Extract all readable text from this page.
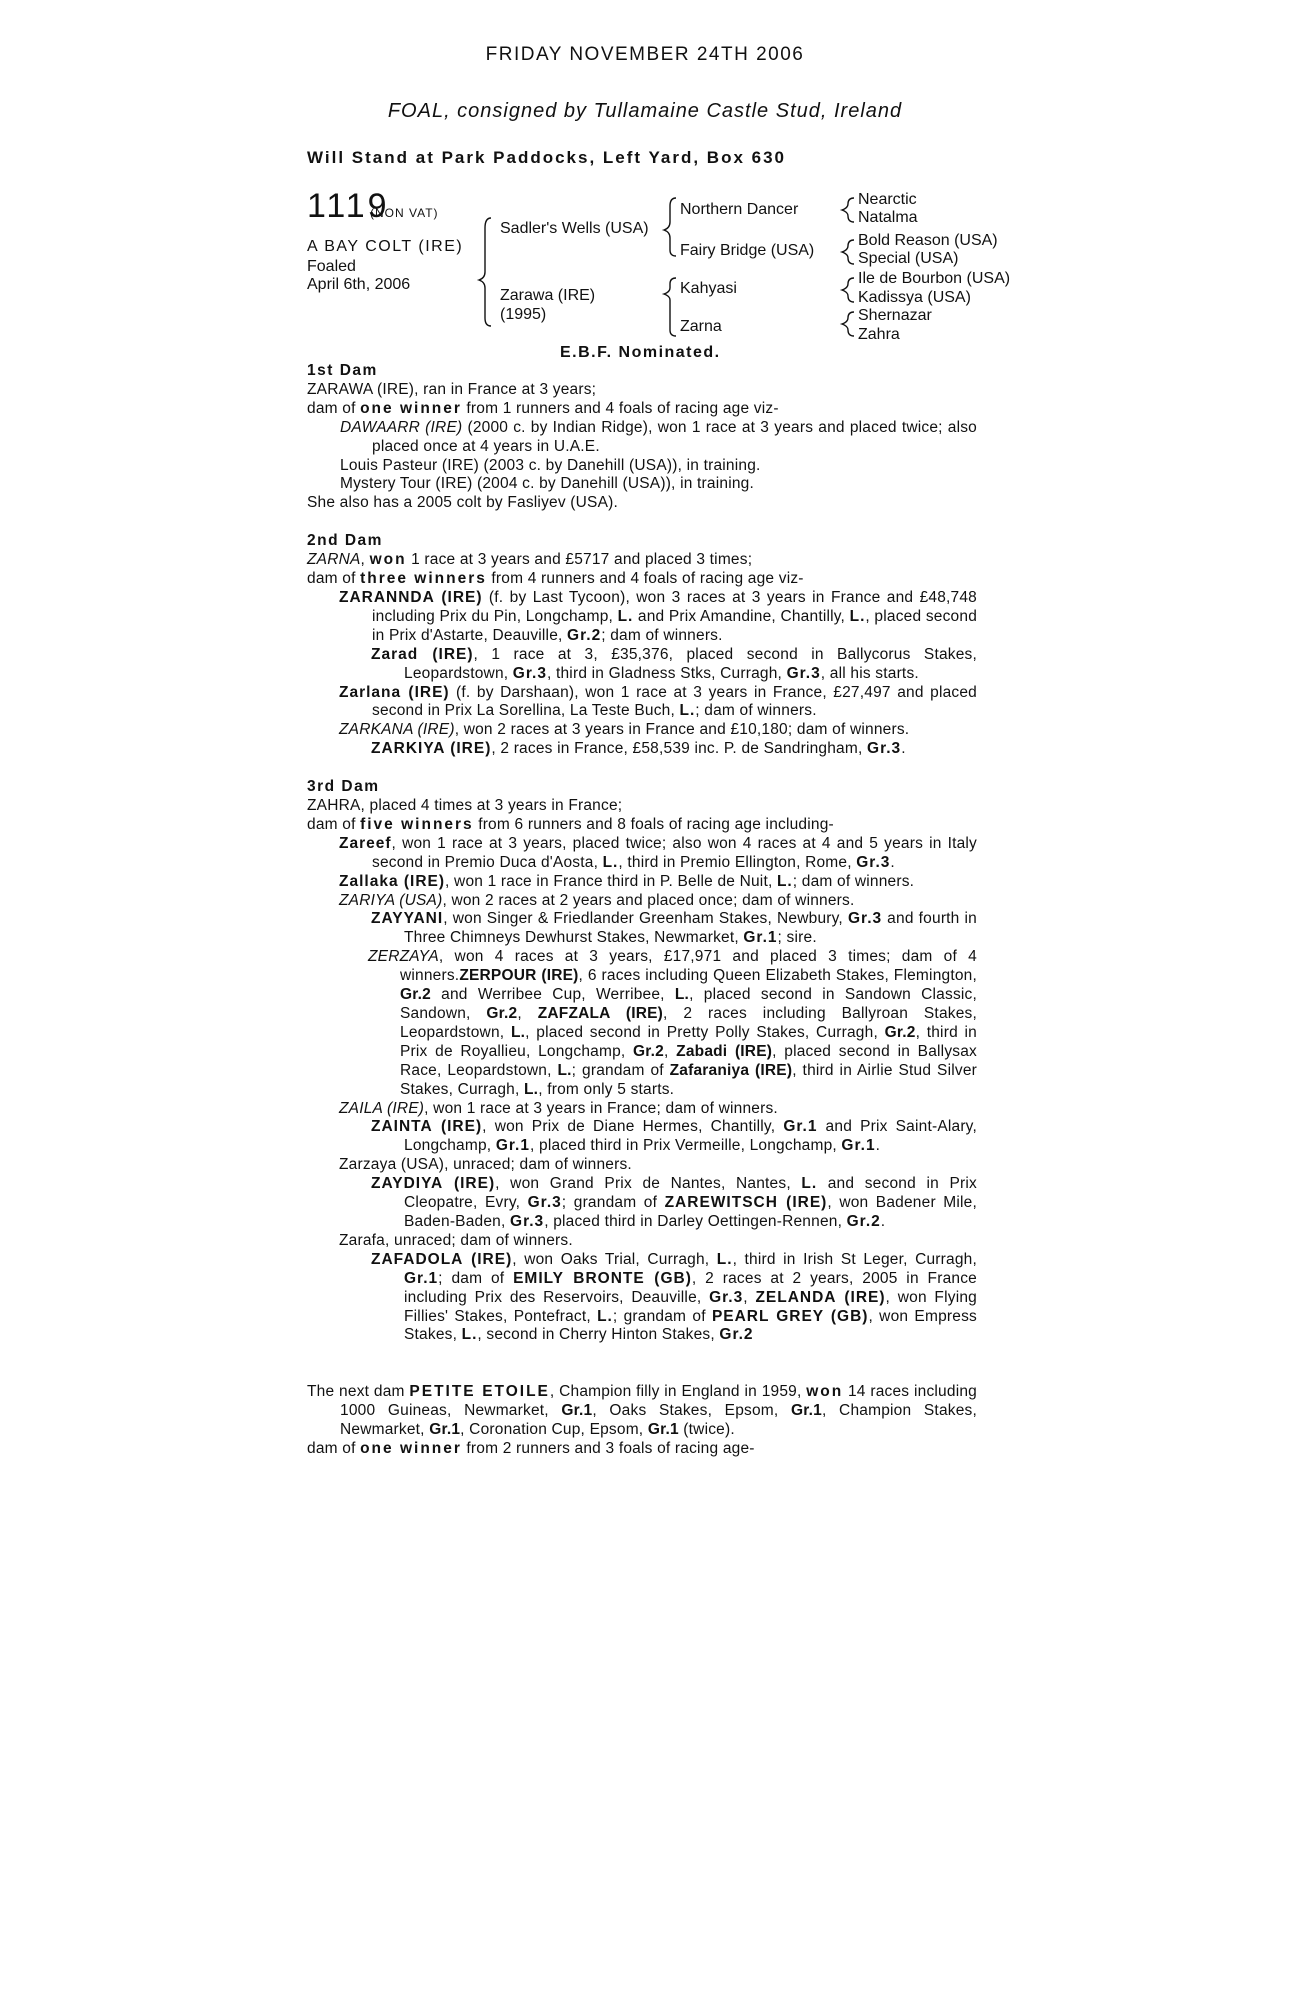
FRIDAY NOVEMBER 24TH 2006
FOAL, consigned by Tullamaine Castle Stud, Ireland
Will Stand at Park Paddocks, Left Yard, Box 630
1119
(NON VAT)
A BAY COLT (IRE)
Foaled
April 6th, 2006
Sadler's Wells (USA)
Zarawa (IRE)
(1995)
Northern Dancer
Fairy Bridge (USA)
Kahyasi
Zarna
Nearctic
Natalma
Bold Reason (USA)
Special (USA)
Ile de Bourbon (USA)
Kadissya (USA)
Shernazar
Zahra
E.B.F. Nominated.

1st Dam

ZARAWA (IRE), ran in France at 3 years;

dam of one winner from 1 runners and 4 foals of racing age viz-

DAWAARR (IRE) (2000 c. by Indian Ridge), won 1 race at 3 years and placed twice; also placed once at 4 years in U.A.E.

Louis Pasteur (IRE) (2003 c. by Danehill (USA)), in training.

Mystery Tour (IRE) (2004 c. by Danehill (USA)), in training.

She also has a 2005 colt by Fasliyev (USA).

2nd Dam

ZARNA, won 1 race at 3 years and £5717 and placed 3 times;

dam of three winners from 4 runners and 4 foals of racing age viz-

ZARANNDA (IRE) (f. by Last Tycoon), won 3 races at 3 years in France and £48,748 including Prix du Pin, Longchamp, L. and Prix Amandine, Chantilly, L., placed second in Prix d'Astarte, Deauville, Gr.2; dam of winners.

Zarad (IRE), 1 race at 3, £35,376, placed second in Ballycorus Stakes, Leopardstown, Gr.3, third in Gladness Stks, Curragh, Gr.3, all his starts.

Zarlana (IRE) (f. by Darshaan), won 1 race at 3 years in France, £27,497 and placed second in Prix La Sorellina, La Teste Buch, L.; dam of winners.

ZARKANA (IRE), won 2 races at 3 years in France and £10,180; dam of winners.

ZARKIYA (IRE), 2 races in France, £58,539 inc. P. de Sandringham, Gr.3.

3rd Dam

ZAHRA, placed 4 times at 3 years in France;

dam of five winners from 6 runners and 8 foals of racing age including-

Zareef, won 1 race at 3 years, placed twice; also won 4 races at 4 and 5 years in Italy second in Premio Duca d'Aosta, L., third in Premio Ellington, Rome, Gr.3.

Zallaka (IRE), won 1 race in France third in P. Belle de Nuit, L.; dam of winners.

ZARIYA (USA), won 2 races at 2 years and placed once; dam of winners.

ZAYYANI, won Singer & Friedlander Greenham Stakes, Newbury, Gr.3 and fourth in Three Chimneys Dewhurst Stakes, Newmarket, Gr.1; sire.

ZERZAYA, won 4 races at 3 years, £17,971 and placed 3 times; dam of 4 winners.ZERPOUR (IRE), 6 races including Queen Elizabeth Stakes, Flemington, Gr.2 and Werribee Cup, Werribee, L., placed second in Sandown Classic, Sandown, Gr.2, ZAFZALA (IRE), 2 races including Ballyroan Stakes, Leopardstown, L., placed second in Pretty Polly Stakes, Curragh, Gr.2, third in Prix de Royallieu, Longchamp, Gr.2, Zabadi (IRE), placed second in Ballysax Race, Leopardstown, L.; grandam of Zafaraniya (IRE), third in Airlie Stud Silver Stakes, Curragh, L., from only 5 starts.

ZAILA (IRE), won 1 race at 3 years in France; dam of winners.

ZAINTA (IRE), won Prix de Diane Hermes, Chantilly, Gr.1 and Prix Saint-Alary, Longchamp, Gr.1, placed third in Prix Vermeille, Longchamp, Gr.1.

Zarzaya (USA), unraced; dam of winners.

ZAYDIYA (IRE), won Grand Prix de Nantes, Nantes, L. and second in Prix Cleopatre, Evry, Gr.3; grandam of ZAREWITSCH (IRE), won Badener Mile, Baden-Baden, Gr.3, placed third in Darley Oettingen-Rennen, Gr.2.

Zarafa, unraced; dam of winners.

ZAFADOLA (IRE), won Oaks Trial, Curragh, L., third in Irish St Leger, Curragh, Gr.1; dam of EMILY BRONTE (GB), 2 races at 2 years, 2005 in France including Prix des Reservoirs, Deauville, Gr.3, ZELANDA (IRE), won Flying Fillies' Stakes, Pontefract, L.; grandam of PEARL GREY (GB), won Empress Stakes, L., second in Cherry Hinton Stakes, Gr.2

The next dam PETITE ETOILE, Champion filly in England in 1959, won 14 races including 1000 Guineas, Newmarket, Gr.1, Oaks Stakes, Epsom, Gr.1, Champion Stakes, Newmarket, Gr.1, Coronation Cup, Epsom, Gr.1 (twice).

dam of one winner from 2 runners and 3 foals of racing age-
